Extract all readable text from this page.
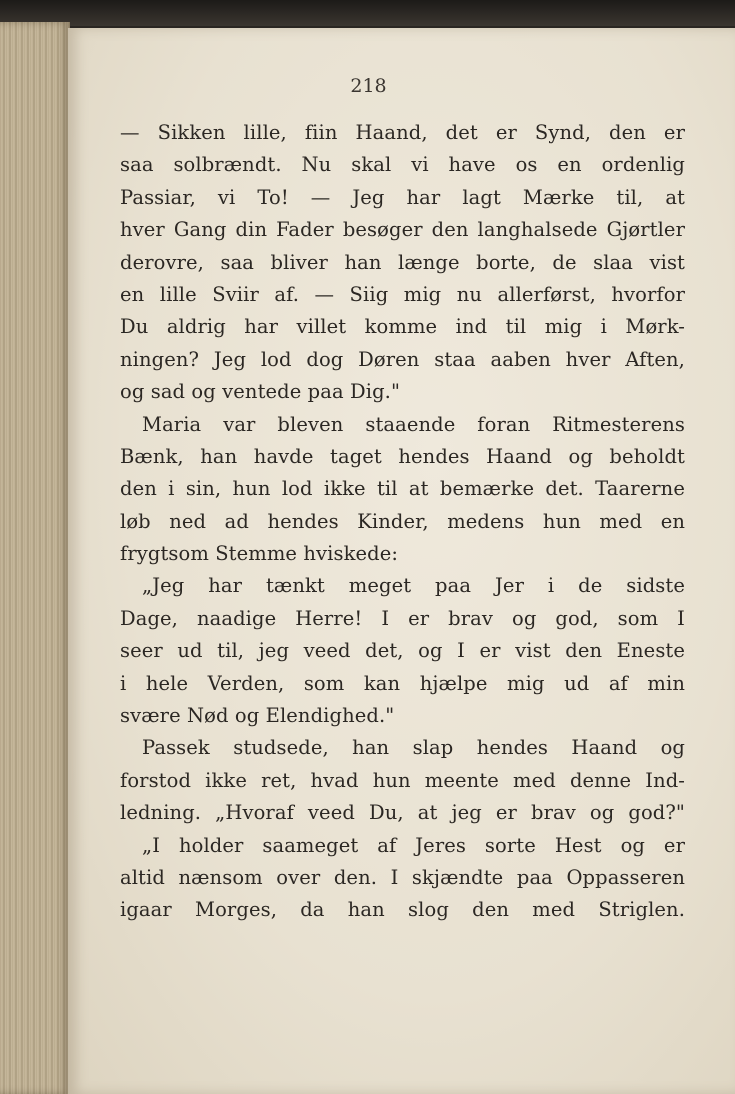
218
— Sikken lille, fiin Haand, det er Synd, den er
saa solbrændt. Nu skal vi have os en ordenlig
Passiar, vi To! — Jeg har lagt Mærke til, at
hver Gang din Fader besøger den langhalsede Gjørtler
derovre, saa bliver han længe borte, de slaa vist
en lille Sviir af. — Siig mig nu allerførst, hvorfor
Du aldrig har villet komme ind til mig i Mørk-
ningen? Jeg lod dog Døren staa aaben hver Aften,
og sad og ventede paa Dig."
Maria var bleven staaende foran Ritmesterens
Bænk, han havde taget hendes Haand og beholdt
den i sin, hun lod ikke til at bemærke det. Taarerne
løb ned ad hendes Kinder, medens hun med en
frygtsom Stemme hviskede:
„Jeg har tænkt meget paa Jer i de sidste
Dage, naadige Herre! I er brav og god, som I
seer ud til, jeg veed det, og I er vist den Eneste
i hele Verden, som kan hjælpe mig ud af min
svære Nød og Elendighed."
Passek studsede, han slap hendes Haand og
forstod ikke ret, hvad hun meente med denne Ind-
ledning. „Hvoraf veed Du, at jeg er brav og god?"
„I holder saameget af Jeres sorte Hest og er
altid nænsom over den. I skjændte paa Oppasseren
igaar Morges, da han slog den med Striglen.
